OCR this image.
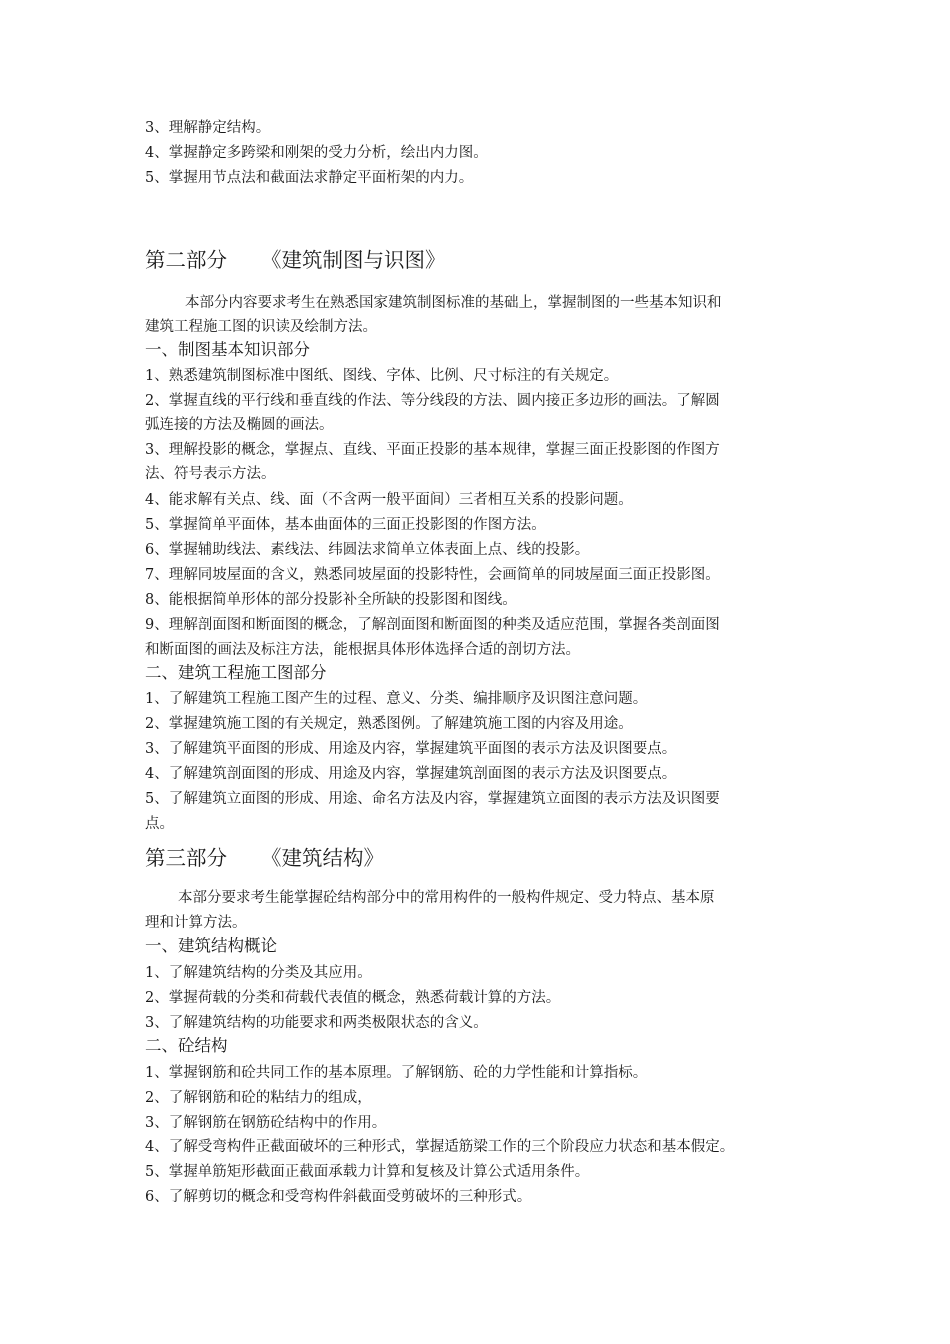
3、理解静定结构。
4、掌握静定多跨梁和刚架的受力分析，绘出内力图。
5、掌握用节点法和截面法求静定平面桁架的内力。
第二部分 《建筑制图与识图》
本部分内容要求考生在熟悉国家建筑制图标准的基础上，掌握制图的一些基本知识和
建筑工程施工图的识读及绘制方法。
一、制图基本知识部分
1、熟悉建筑制图标准中图纸、图线、字体、比例、尺寸标注的有关规定。
2、掌握直线的平行线和垂直线的作法、等分线段的方法、圆内接正多边形的画法。了解圆
弧连接的方法及椭圆的画法。
3、理解投影的概念，掌握点、直线、平面正投影的基本规律，掌握三面正投影图的作图方
法、符号表示方法。
4、能求解有关点、线、面（不含两一般平面间）三者相互关系的投影问题。
5、掌握简单平面体，基本曲面体的三面正投影图的作图方法。
6、掌握辅助线法、素线法、纬圆法求简单立体表面上点、线的投影。
7、理解同坡屋面的含义，熟悉同坡屋面的投影特性，会画简单的同坡屋面三面正投影图。
8、能根据简单形体的部分投影补全所缺的投影图和图线。
9、理解剖面图和断面图的概念，了解剖面图和断面图的种类及适应范围，掌握各类剖面图
和断面图的画法及标注方法，能根据具体形体选择合适的剖切方法。
二、建筑工程施工图部分
1、了解建筑工程施工图产生的过程、意义、分类、编排顺序及识图注意问题。
2、掌握建筑施工图的有关规定，熟悉图例。了解建筑施工图的内容及用途。
3、了解建筑平面图的形成、用途及内容，掌握建筑平面图的表示方法及识图要点。
4、了解建筑剖面图的形成、用途及内容，掌握建筑剖面图的表示方法及识图要点。
5、了解建筑立面图的形成、用途、命名方法及内容，掌握建筑立面图的表示方法及识图要
点。
第三部分 《建筑结构》
本部分要求考生能掌握砼结构部分中的常用构件的一般构件规定、受力特点、基本原
理和计算方法。
一、建筑结构概论
1、了解建筑结构的分类及其应用。
2、掌握荷载的分类和荷载代表值的概念，熟悉荷载计算的方法。
3、了解建筑结构的功能要求和两类极限状态的含义。
二、砼结构
1、掌握钢筋和砼共同工作的基本原理。了解钢筋、砼的力学性能和计算指标。
2、了解钢筋和砼的粘结力的组成，
3、了解钢筋在钢筋砼结构中的作用。
4、了解受弯构件正截面破坏的三种形式，掌握适筋梁工作的三个阶段应力状态和基本假定。
5、掌握单筋矩形截面正截面承载力计算和复核及计算公式适用条件。
6、了解剪切的概念和受弯构件斜截面受剪破坏的三种形式。
